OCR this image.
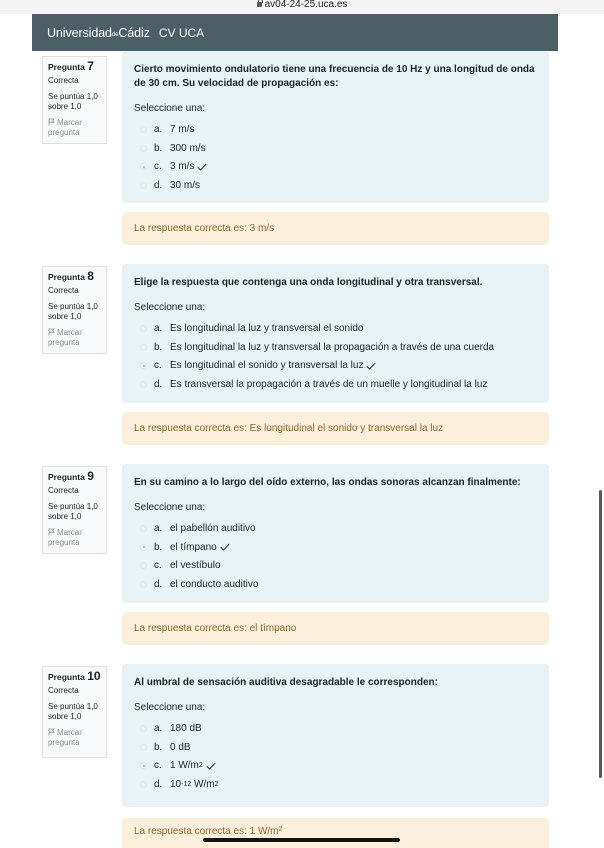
av04-24-25.uca.es
UniversidaddeCádiz CV UCA
Pregunta 7
Correcta
Se puntúa 1,0
sobre 1,0
Marcar
pregunta
Cierto movimiento ondulatorio tiene una frecuencia de 10 Hz y una longitud de onda de 30 cm. Su velocidad de propagación es:
Seleccione una:
a. 7 m/s
b. 300 m/s
c. 3 m/s
d. 30 m/s
La respuesta correcta es:
3 m/s
Pregunta 8
Correcta
Se puntúa 1,0
sobre 1,0
Marcar
pregunta
Elige la respuesta que contenga una onda longitudinal y otra transversal.
Seleccione una:
a. Es longitudinal la luz y transversal el sonido
b. Es longitudinal la luz y transversal la propagación a través de una cuerda
c. Es longitudinal el sonido y transversal la luz
d. Es transversal la propagación a través de un muelle y longitudinal la luz
La respuesta correcta es:
Es longitudinal el sonido y transversal la luz
Pregunta 9
Correcta
Se puntúa 1,0
sobre 1,0
Marcar
pregunta
En su camino a lo largo del oído externo, las ondas sonoras alcanzan finalmente:
Seleccione una:
a. el pabellón auditivo
b. el tímpano
c. el vestíbulo
d. el conducto auditivo
La respuesta correcta es:
el tímpano
Pregunta 10
Correcta
Se puntúa 1,0
sobre 1,0
Marcar
pregunta
Al umbral de sensación auditiva desagradable le corresponden:
Seleccione una:
a. 180 dB
b. 0 dB
c. 1 W/m 2
d. 10 -12 W/m 2
La respuesta correcta es:
1 $W/m^2$
